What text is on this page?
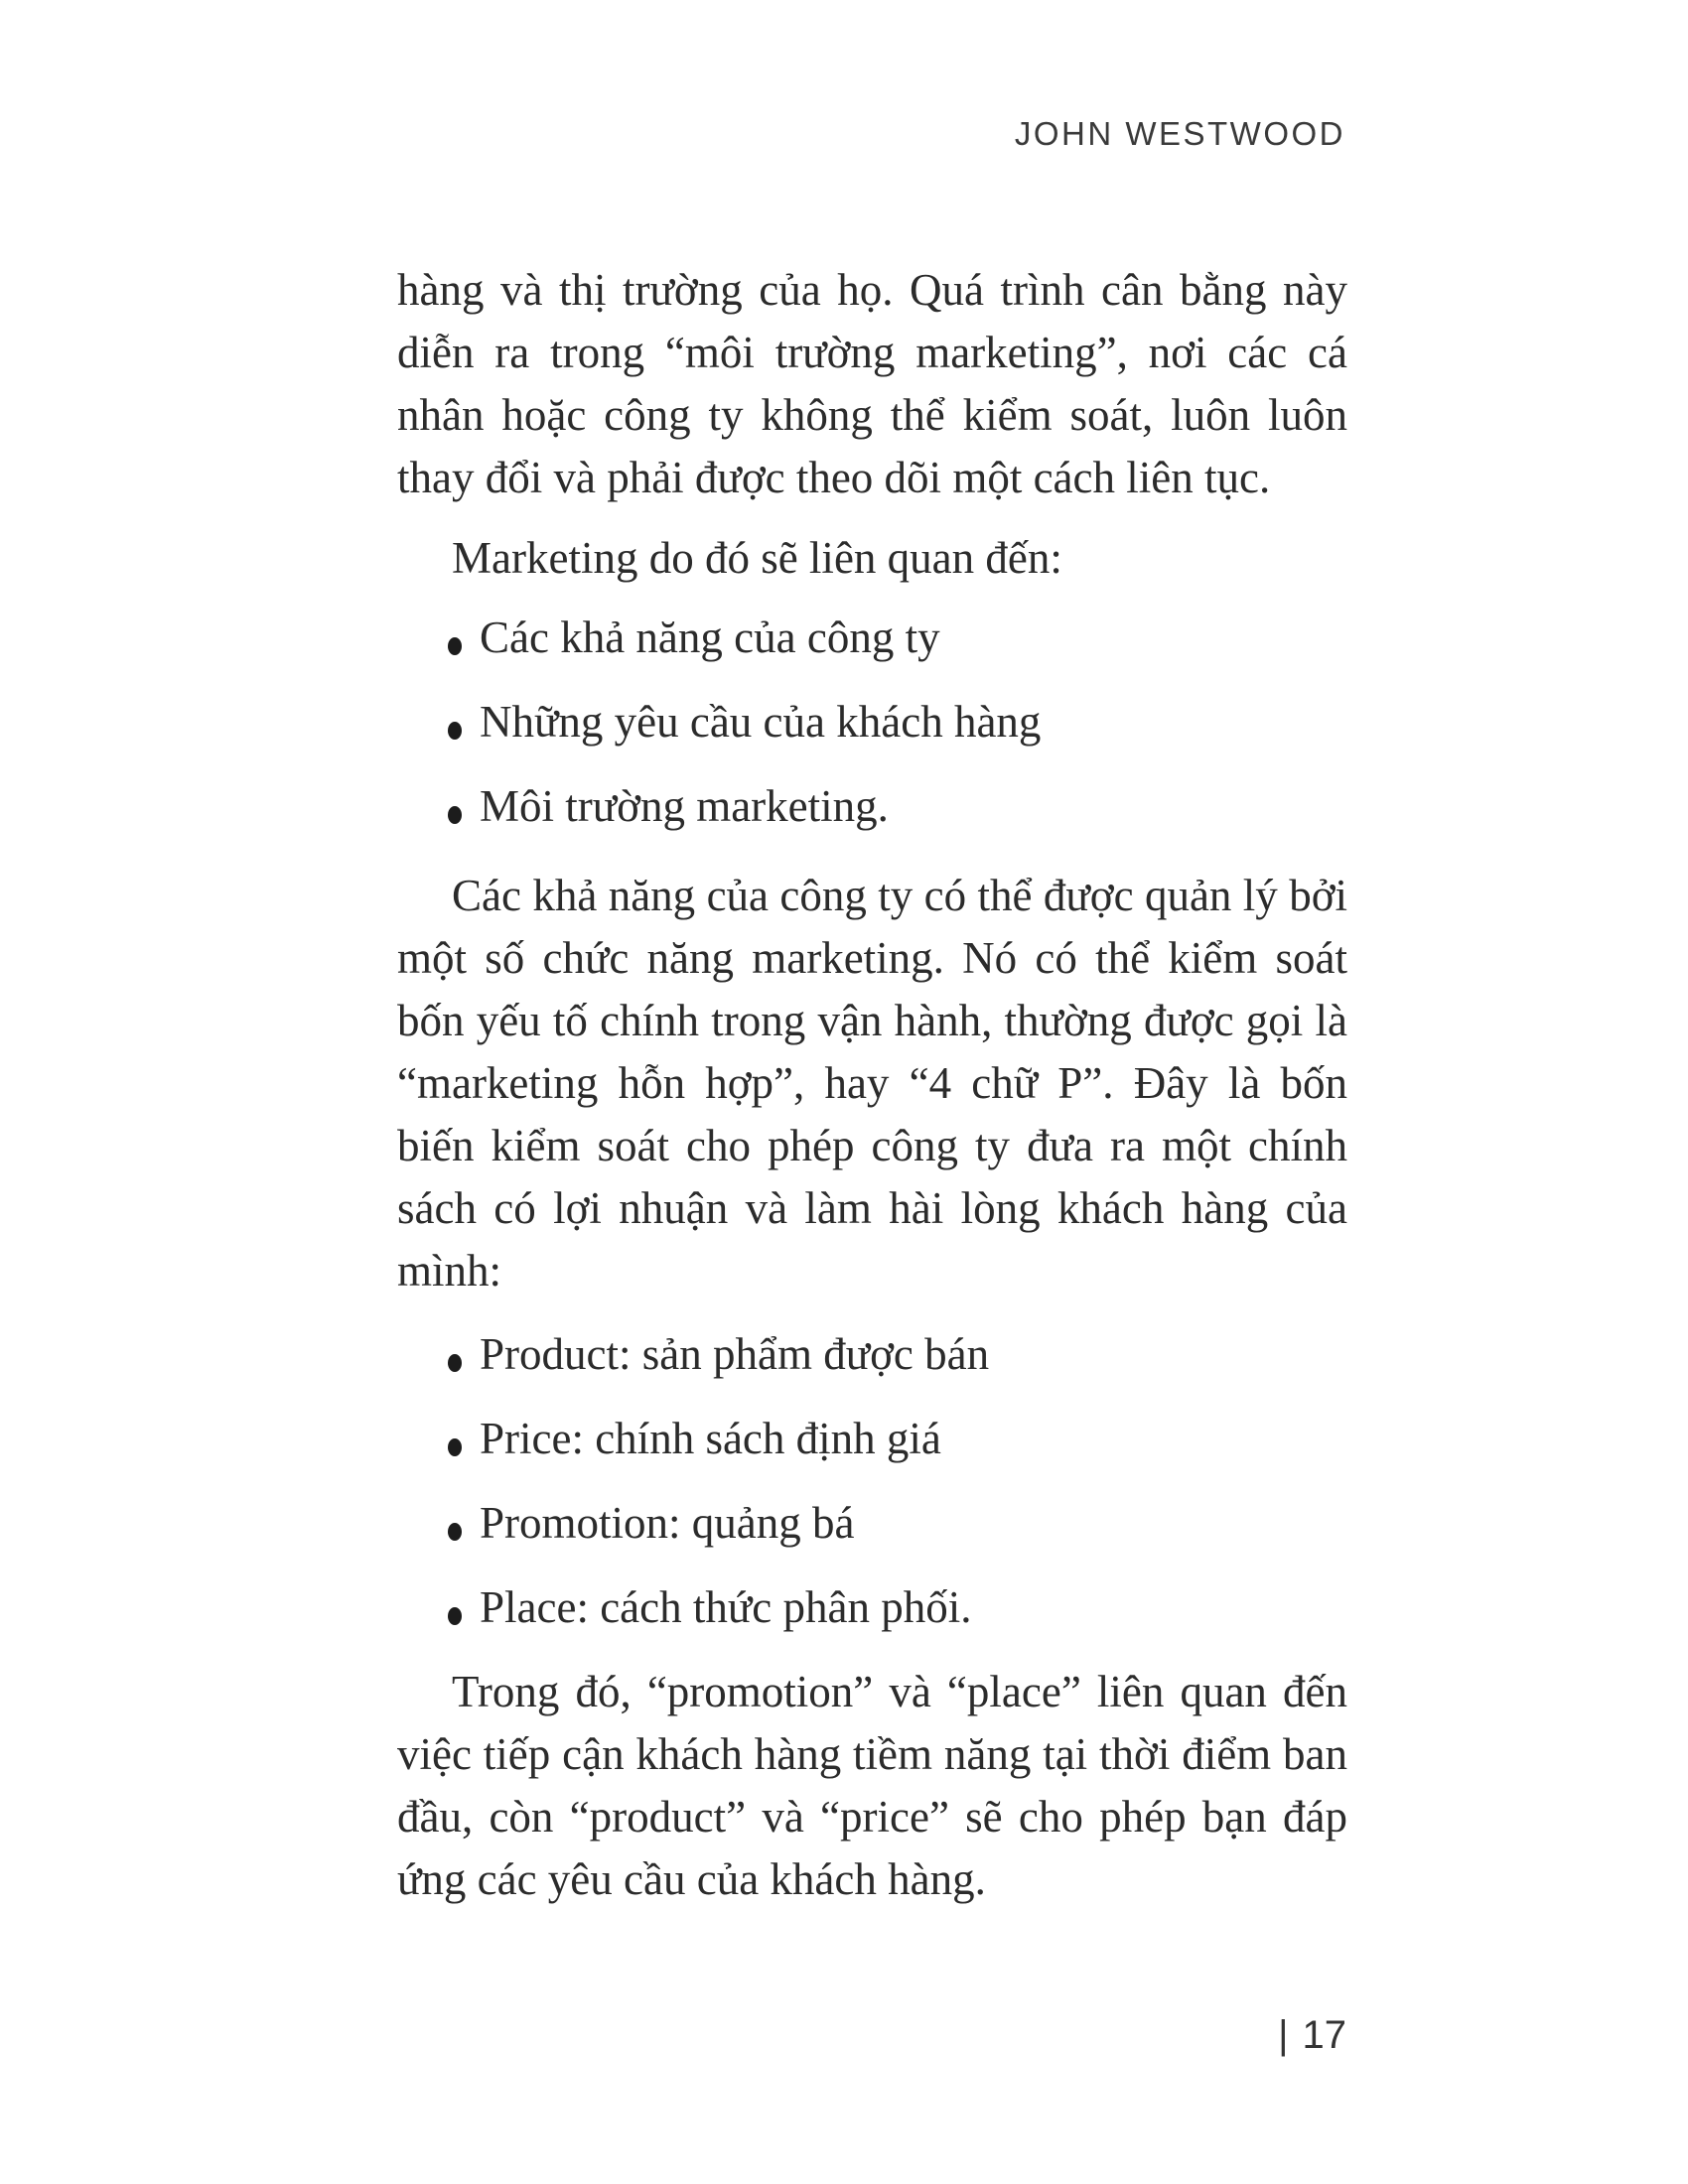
JOHN WESTWOOD

hàng và thị trường của họ. Quá trình cân bằng này diễn ra trong “môi trường marketing”, nơi các cá nhân hoặc công ty không thể kiểm soát, luôn luôn thay đổi và phải được theo dõi một cách liên tục.

Marketing do đó sẽ liên quan đến:

Các khả năng của công ty
Những yêu cầu của khách hàng
Môi trường marketing.

Các khả năng của công ty có thể được quản lý bởi một số chức năng marketing. Nó có thể kiểm soát bốn yếu tố chính trong vận hành, thường được gọi là “marketing hỗn hợp”, hay “4 chữ P”. Đây là bốn biến kiểm soát cho phép công ty đưa ra một chính sách có lợi nhuận và làm hài lòng khách hàng của mình:

Product: sản phẩm được bán
Price: chính sách định giá
Promotion: quảng bá
Place: cách thức phân phối.

Trong đó, “promotion” và “place” liên quan đến việc tiếp cận khách hàng tiềm năng tại thời điểm ban đầu, còn “product” và “price” sẽ cho phép bạn đáp ứng các yêu cầu của khách hàng.

| 17
